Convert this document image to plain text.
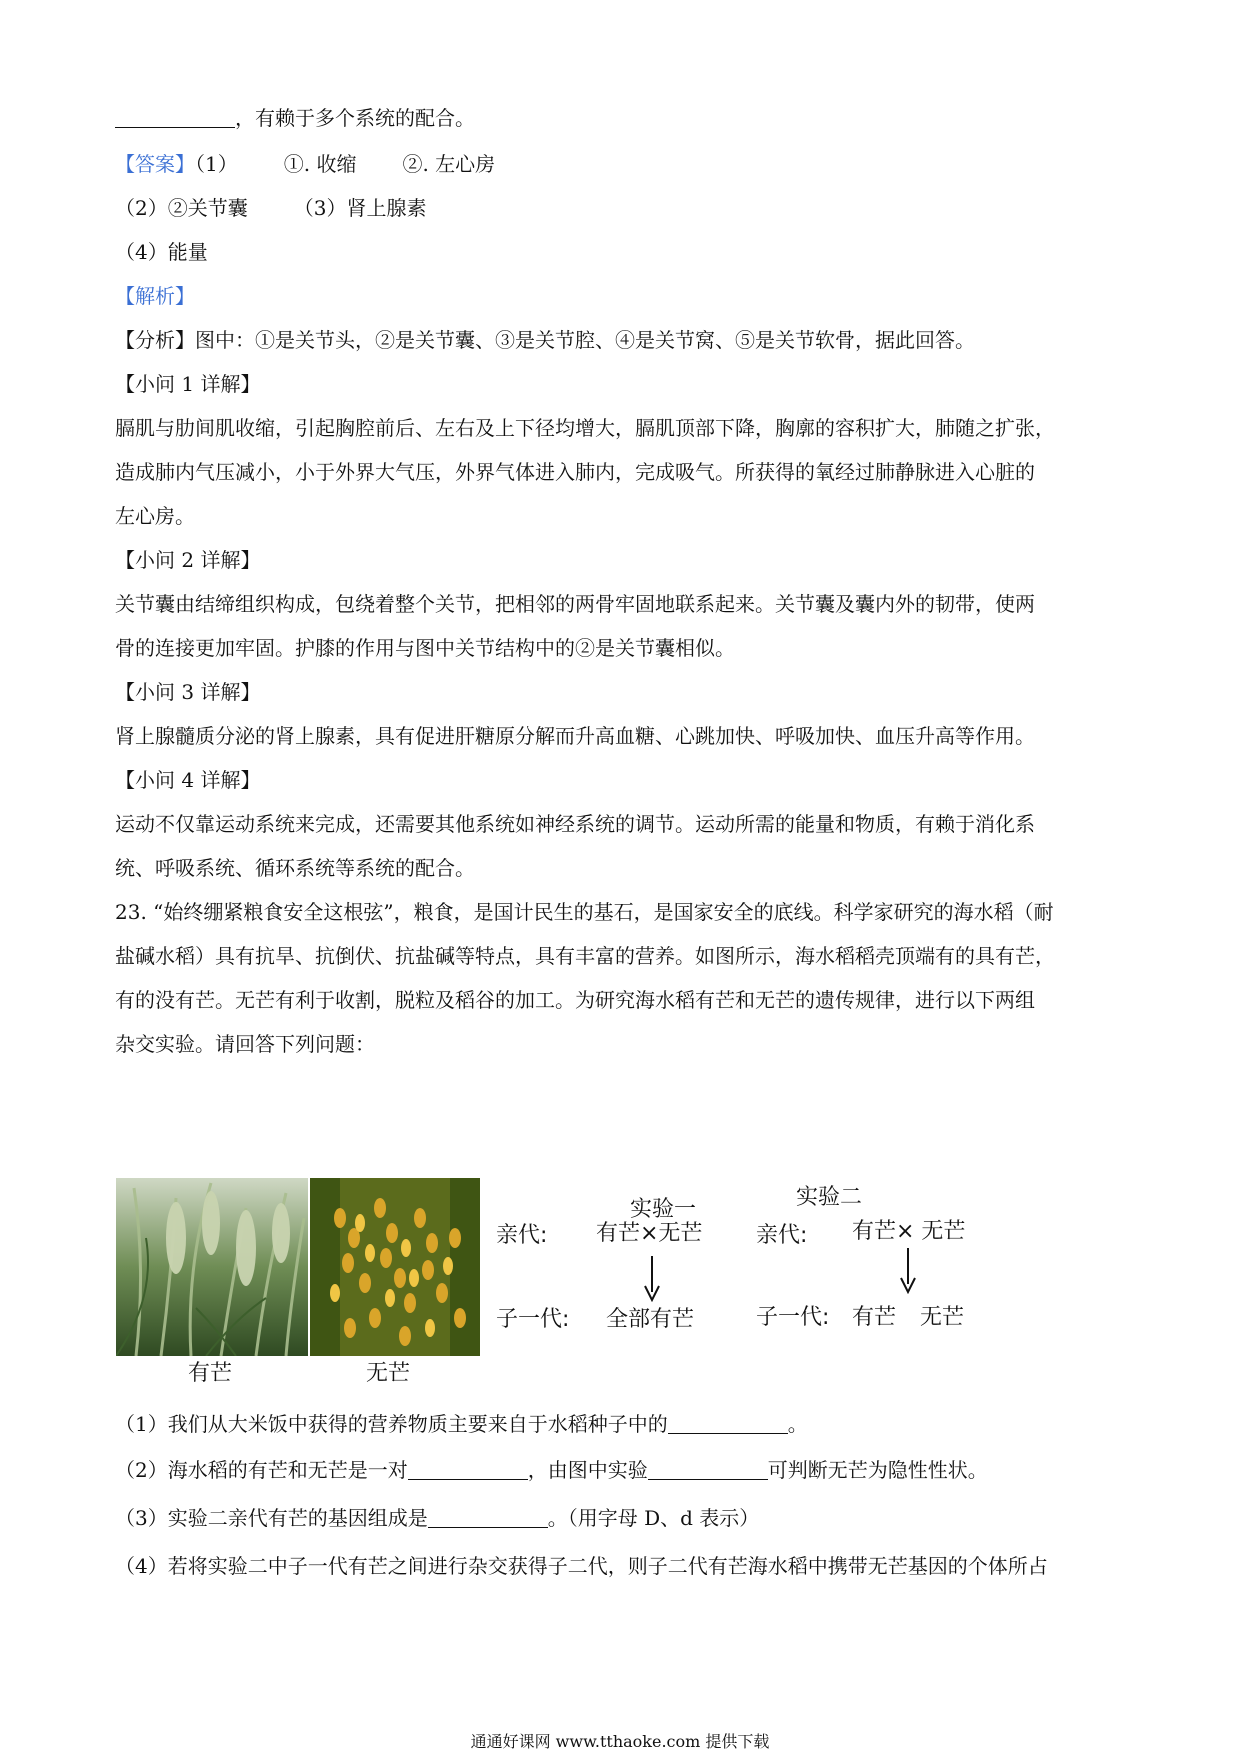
，有赖于多个系统的配合。
【答案】（1） ①. 收缩 ②. 左心房
（2）②关节囊 （3）肾上腺素
（4）能量
【解析】
【分析】图中：①是关节头，②是关节囊、③是关节腔、④是关节窝、⑤是关节软骨，据此回答。
【小问 1 详解】
膈肌与肋间肌收缩，引起胸腔前后、左右及上下径均增大，膈肌顶部下降，胸廓的容积扩大，肺随之扩张，
造成肺内气压减小，小于外界大气压，外界气体进入肺内，完成吸气。所获得的氧经过肺静脉进入心脏的
左心房。
【小问 2 详解】
关节囊由结缔组织构成，包绕着整个关节，把相邻的两骨牢固地联系起来。关节囊及囊内外的韧带，使两
骨的连接更加牢固。护膝的作用与图中关节结构中的②是关节囊相似。
【小问 3 详解】
肾上腺髓质分泌的肾上腺素，具有促进肝糖原分解而升高血糖、心跳加快、呼吸加快、血压升高等作用。
【小问 4 详解】
运动不仅靠运动系统来完成，还需要其他系统如神经系统的调节。运动所需的能量和物质，有赖于消化系
统、呼吸系统、循环系统等系统的配合。
23. “始终绷紧粮食安全这根弦”，粮食，是国计民生的基石，是国家安全的底线。科学家研究的海水稻（耐
盐碱水稻）具有抗旱、抗倒伏、抗盐碱等特点，具有丰富的营养。如图所示，海水稻稻壳顶端有的具有芒，
有的没有芒。无芒有利于收割，脱粒及稻谷的加工。为研究海水稻有芒和无芒的遗传规律，进行以下两组
杂交实验。请回答下列问题：
有芒	无芒
实验一	实验二
亲代: 有芒×无芒 亲代: 有芒× 无芒
子一代: 全部有芒	子一代: 有芒 无芒
（1）我们从大米饭中获得的营养物质主要来自于水稻种子中的	。
（2）海水稻的有芒和无芒是一对	，由图中实验	可判断无芒为隐性性状。
（3）实验二亲代有芒的基因组成是	。（用字母 D、d 表示）
（4）若将实验二中子一代有芒之间进行杂交获得子二代，则子二代有芒海水稻中携带无芒基因的个体所占
通通好课网 www.tthaoke.com 提供下载
